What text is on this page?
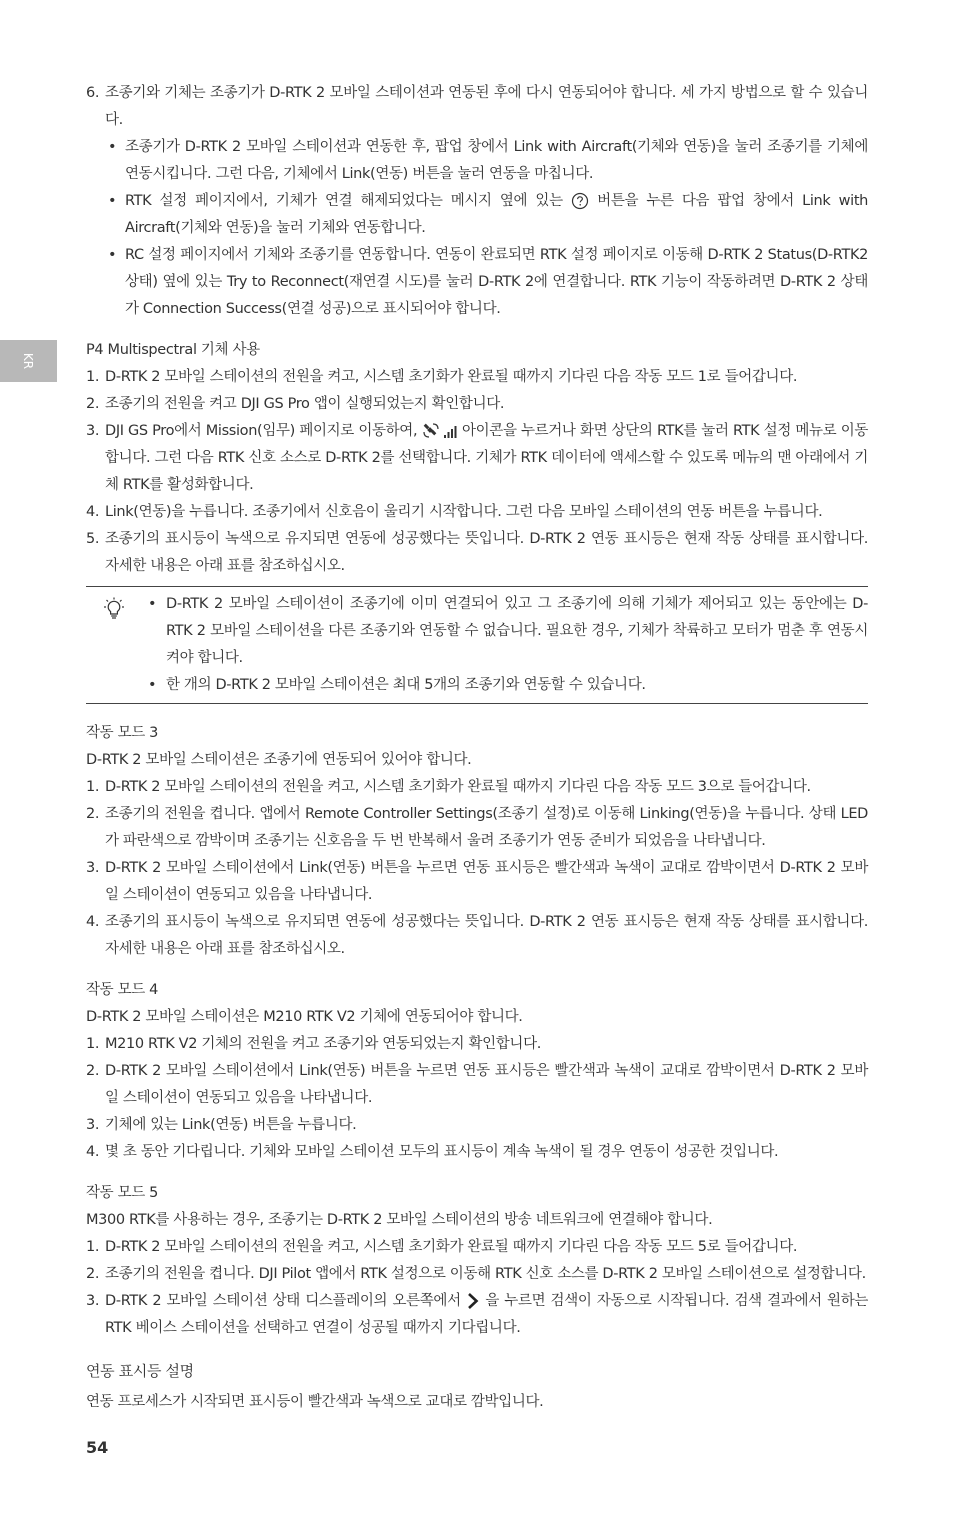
KR
6. 조종기와 기체는 조종기가 D-RTK 2 모바일 스테이션과 연동된 후에 다시 연동되어야 합니다. 세 가지 방법으로 할 수 있습니다.
• 조종기가 D-RTK 2 모바일 스테이션과 연동한 후, 팝업 창에서 Link with Aircraft(기체와 연동)을 눌러 조종기를 기체에 연동시킵니다. 그런 다음, 기체에서 Link(연동) 버튼을 눌러 연동을 마칩니다.
• RTK 설정 페이지에서, 기체가 연결 해제되었다는 메시지 옆에 있는 버튼을 누른 다음 팝업 창에서 Link with Aircraft(기체와 연동)을 눌러 기체와 연동합니다.
• RC 설정 페이지에서 기체와 조종기를 연동합니다. 연동이 완료되면 RTK 설정 페이지로 이동해 D-RTK 2 Status(D-RTK2 상태) 옆에 있는 Try to Reconnect(재연결 시도)를 눌러 D-RTK 2에 연결합니다. RTK 기능이 작동하려면 D-RTK 2 상태가 Connection Success(연결 성공)으로 표시되어야 합니다.
P4 Multispectral 기체 사용
1. D-RTK 2 모바일 스테이션의 전원을 켜고, 시스템 초기화가 완료될 때까지 기다린 다음 작동 모드 1로 들어갑니다.
2. 조종기의 전원을 켜고 DJI GS Pro 앱이 실행되었는지 확인합니다.
3. DJI GS Pro에서 Mission(임무) 페이지로 이동하여,	아이콘을 누르거나 화면 상단의 RTK를 눌러 RTK 설정 메뉴로 이동합니다. 그런 다음 RTK 신호 소스로 D-RTK 2를 선택합니다. 기체가 RTK 데이터에 액세스할 수 있도록 메뉴의 맨 아래에서 기체 RTK를 활성화합니다.
4. Link(연동)을 누릅니다. 조종기에서 신호음이 울리기 시작합니다. 그런 다음 모바일 스테이션의 연동 버튼을 누릅니다.
5. 조종기의 표시등이 녹색으로 유지되면 연동에 성공했다는 뜻입니다. D-RTK 2 연동 표시등은 현재 작동 상태를 표시합니다. 자세한 내용은 아래 표를 참조하십시오.
• D-RTK 2 모바일 스테이션이 조종기에 이미 연결되어 있고 그 조종기에 의해 기체가 제어되고 있는 동안에는 D-RTK 2 모바일 스테이션을 다른 조종기와 연동할 수 없습니다. 필요한 경우, 기체가 착륙하고 모터가 멈춘 후 연동시켜야 합니다.
• 한 개의 D-RTK 2 모바일 스테이션은 최대 5개의 조종기와 연동할 수 있습니다.
작동 모드 3
D-RTK 2 모바일 스테이션은 조종기에 연동되어 있어야 합니다.
1. D-RTK 2 모바일 스테이션의 전원을 켜고, 시스템 초기화가 완료될 때까지 기다린 다음 작동 모드 3으로 들어갑니다.
2. 조종기의 전원을 켭니다. 앱에서 Remote Controller Settings(조종기 설정)로 이동해 Linking(연동)을 누릅니다. 상태 LED가 파란색으로 깜박이며 조종기는 신호음을 두 번 반복해서 울려 조종기가 연동 준비가 되었음을 나타냅니다.
3. D-RTK 2 모바일 스테이션에서 Link(연동) 버튼을 누르면 연동 표시등은 빨간색과 녹색이 교대로 깜박이면서 D-RTK 2 모바일 스테이션이 연동되고 있음을 나타냅니다.
4. 조종기의 표시등이 녹색으로 유지되면 연동에 성공했다는 뜻입니다. D-RTK 2 연동 표시등은 현재 작동 상태를 표시합니다. 자세한 내용은 아래 표를 참조하십시오.
작동 모드 4
D-RTK 2 모바일 스테이션은 M210 RTK V2 기체에 연동되어야 합니다.
1. M210 RTK V2 기체의 전원을 켜고 조종기와 연동되었는지 확인합니다.
2. D-RTK 2 모바일 스테이션에서 Link(연동) 버튼을 누르면 연동 표시등은 빨간색과 녹색이 교대로 깜박이면서 D-RTK 2 모바일 스테이션이 연동되고 있음을 나타냅니다.
3. 기체에 있는 Link(연동) 버튼을 누릅니다.
4. 몇 초 동안 기다립니다. 기체와 모바일 스테이션 모두의 표시등이 계속 녹색이 될 경우 연동이 성공한 것입니다.
작동 모드 5
M300 RTK를 사용하는 경우, 조종기는 D-RTK 2 모바일 스테이션의 방송 네트워크에 연결해야 합니다.
1. D-RTK 2 모바일 스테이션의 전원을 켜고, 시스템 초기화가 완료될 때까지 기다린 다음 작동 모드 5로 들어갑니다.
2. 조종기의 전원을 켭니다. DJI Pilot 앱에서 RTK 설정으로 이동해 RTK 신호 소스를 D-RTK 2 모바일 스테이션으로 설정합니다.
3. D-RTK 2 모바일 스테이션 상태 디스플레이의 오른쪽에서 을 누르면 검색이 자동으로 시작됩니다. 검색 결과에서 원하는 RTK 베이스 스테이션을 선택하고 연결이 성공될 때까지 기다립니다.
연동 표시등 설명
연동 프로세스가 시작되면 표시등이 빨간색과 녹색으로 교대로 깜박입니다.
54
